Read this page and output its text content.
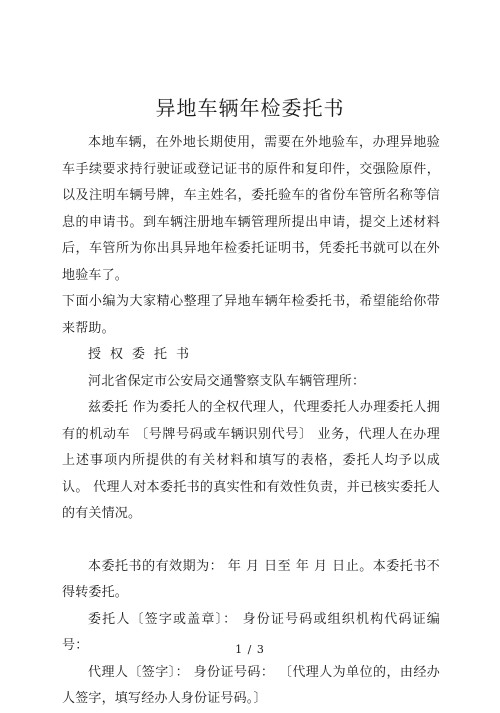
异地车辆年检委托书

本地车辆，在外地长期使用，需要在外地验车，办理异地验车手续要求持行驶证或登记证书的原件和复印件，交强险原件，以及注明车辆号牌，车主姓名，委托验车的省份车管所名称等信息的申请书。到车辆注册地车辆管理所提出申请，提交上述材料后，车管所为你出具异地年检委托证明书，凭委托书就可以在外地验车了。

下面小编为大家精心整理了异地车辆年检委托书，希望能给你带来帮助。

授权委托书

河北省保定市公安局交通警察支队车辆管理所：

兹委托 作为委托人的全权代理人，代理委托人办理委托人拥有的机动车 〔号牌号码或车辆识别代号〕 业务，代理人在办理上述事项内所提供的有关材料和填写的表格，委托人均予以成认。 代理人对本委托书的真实性和有效性负责，并已核实委托人的有关情况。

本委托书的有效期为： 年 月 日至 年 月 日止。本委托书不得转委托。

委托人〔签字或盖章〕： 身份证号码或组织机构代码证编号：

代理人〔签字〕： 身份证号码： 〔代理人为单位的，由经办人签字，填写经办人身份证号码。〕

1 / 3
